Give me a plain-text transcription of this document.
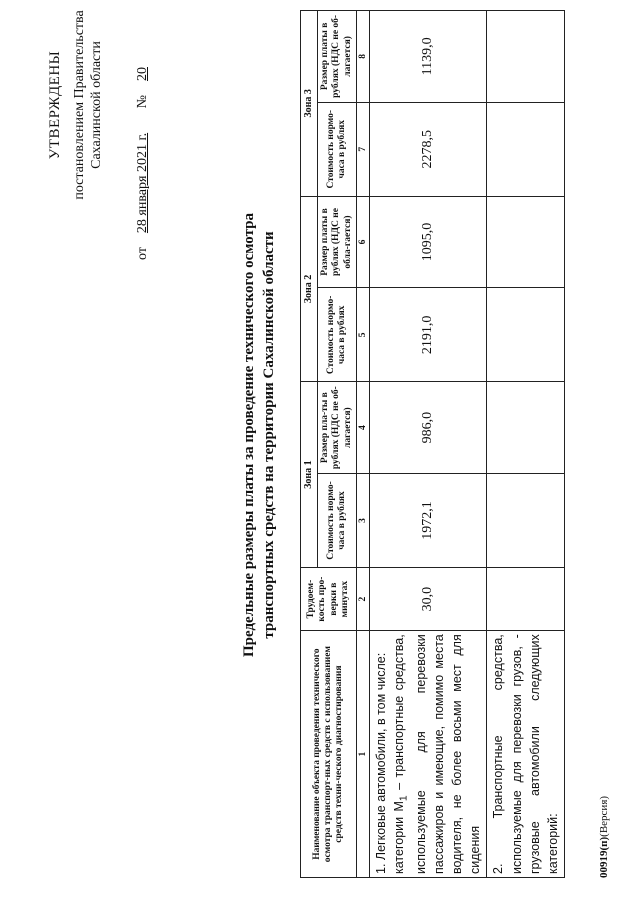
УТВЕРЖДЕНЫ постановлением Правительства Сахалинской области
от    28 января 2021 г.       №    20
Предельные размеры платы за проведение технического осмотра транспортных средств на территории Сахалинской области
Наименование объекта проведения технического осмотра транспорт-ных средств с использованием средств техни-ческого диагностирования	Трудоем-кость про-верки в минутах	Зона 1		Зона 2		Зона 3	
		Стоимость нормо-часа в рублях	Размер пла-ты в рублях (НДС не об-лагается)	Стоимость нормо-часа в рублях	Размер платы в рублях (НДС не обла-гается)	Стоимость нормо-часа в рублях	Размер платы в рублях (НДС не об-лагается)
1	2	3	4	5	6	7	8
1. Легковые автомобили, в том числе: категории $M_1$ – транспортные средства, используемые для перевозки пассажиров и имеющие, помимо места водителя, не более восьми мест для сидения	30,0	1972,1	986,0	2191,0	1095,0	2278,5	1139,0
2. Транспортные средства, используемые для перевозки грузов, - грузовые автомобили следующих категорий:								00919(п)(Версия)
